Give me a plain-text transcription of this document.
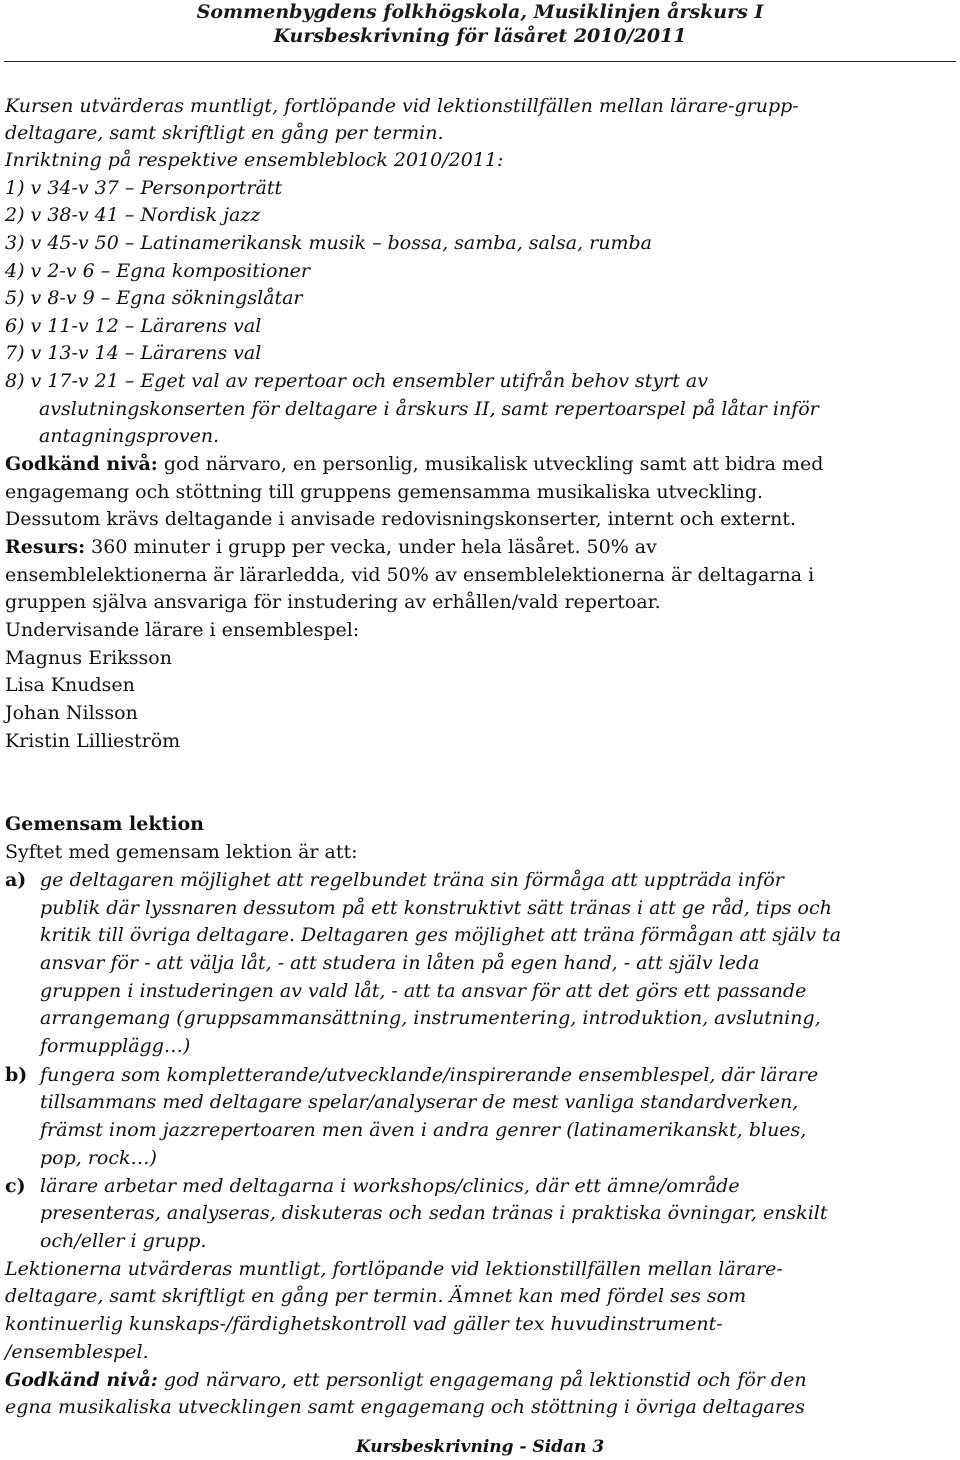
Sommenbygdens folkhögskola, Musiklinjen årskurs I
Kursbeskrivning för läsåret 2010/2011
Kursen utvärderas muntligt, fortlöpande vid lektionstillfällen mellan lärare-grupp-
deltagare, samt skriftligt en gång per termin.
Inriktning på respektive ensembleblock 2010/2011:
1) v 34-v 37 – Personporträtt
2) v 38-v 41 – Nordisk jazz
3) v 45-v 50 – Latinamerikansk musik – bossa, samba, salsa, rumba
4) v 2-v 6 – Egna kompositioner
5) v 8-v 9 – Egna sökningslåtar
6) v 11-v 12 – Lärarens val
7) v 13-v 14 – Lärarens val
8) v 17-v 21 – Eget val av repertoar och ensembler utifrån behov styrt av
avslutningskonserten för deltagare i årskurs II, samt repertoarspel på låtar inför
antagningsproven.
Godkänd nivå: god närvaro, en personlig, musikalisk utveckling samt att bidra med
engagemang och stöttning till gruppens gemensamma musikaliska utveckling.
Dessutom krävs deltagande i anvisade redovisningskonserter, internt och externt.
Resurs: 360 minuter i grupp per vecka, under hela läsåret. 50% av
ensemblelektionerna är lärarledda, vid 50% av ensemblelektionerna är deltagarna i
gruppen själva ansvariga för instudering av erhållen/vald repertoar.
Undervisande lärare i ensemblespel:
Magnus Eriksson
Lisa Knudsen
Johan Nilsson
Kristin Lillieström
Gemensam lektion
Syftet med gemensam lektion är att:
a) ge deltagaren möjlighet att regelbundet träna sin förmåga att uppträda inför
publik där lyssnaren dessutom på ett konstruktivt sätt tränas i att ge råd, tips och
kritik till övriga deltagare. Deltagaren ges möjlighet att träna förmågan att själv ta
ansvar för - att välja låt, - att studera in låten på egen hand, - att själv leda
gruppen i instuderingen av vald låt, - att ta ansvar för att det görs ett passande
arrangemang (gruppsammansättning, instrumentering, introduktion, avslutning,
formupplägg…)
b) fungera som kompletterande/utvecklande/inspirerande ensemblespel, där lärare
tillsammans med deltagare spelar/analyserar de mest vanliga standardverken,
främst inom jazzrepertoaren men även i andra genrer (latinamerikanskt, blues,
pop, rock…)
c) lärare arbetar med deltagarna i workshops/clinics, där ett ämne/område
presenteras, analyseras, diskuteras och sedan tränas i praktiska övningar, enskilt
och/eller i grupp.
Lektionerna utvärderas muntligt, fortlöpande vid lektionstillfällen mellan lärare-
deltagare, samt skriftligt en gång per termin. Ämnet kan med fördel ses som
kontinuerlig kunskaps-/färdighetskontroll vad gäller tex huvudinstrument-
/ensemblespel.
Godkänd nivå: god närvaro, ett personligt engagemang på lektionstid och för den
egna musikaliska utvecklingen samt engagemang och stöttning i övriga deltagares
Kursbeskrivning - Sidan 3
